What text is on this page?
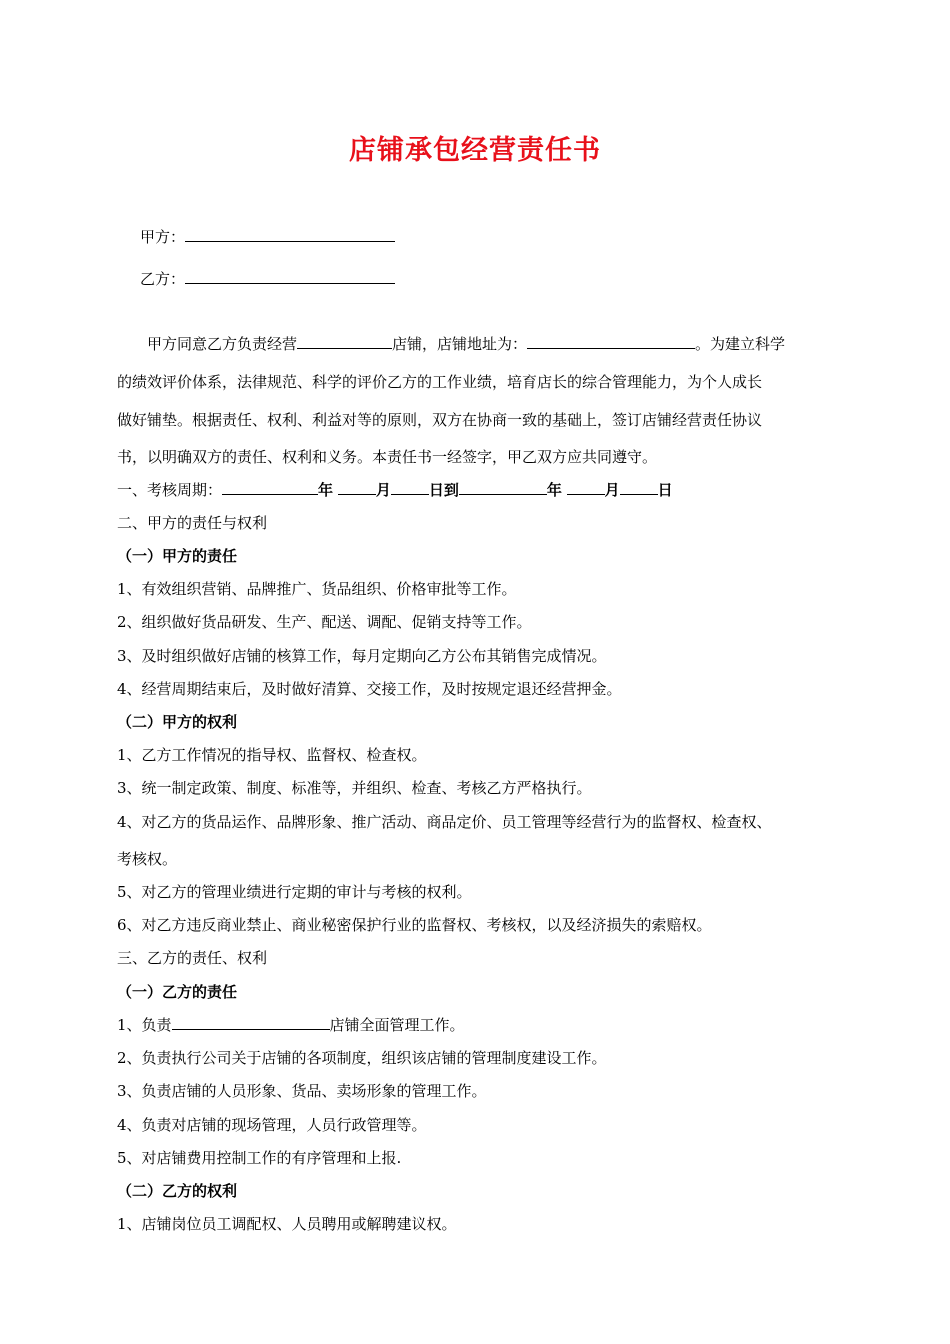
店铺承包经营责任书
甲方：
乙方：
甲方同意乙方负责经营	店铺，店铺地址为：	。为建立科学
的绩效评价体系，法律规范、科学的评价乙方的工作业绩，培育店长的综合管理能力，为个人成长
做好铺垫。根据责任、权利、利益对等的原则，双方在协商一致的基础上，签订店铺经营责任协议
书，以明确双方的责任、权利和义务。本责任书一经签字，甲乙双方应共同遵守。
一、考核周期：	年	月	日到	年	月	日
二、甲方的责任与权利
（一）甲方的责任
1、有效组织营销、品牌推广、货品组织、价格审批等工作。
2、组织做好货品研发、生产、配送、调配、促销支持等工作。
3、及时组织做好店铺的核算工作，每月定期向乙方公布其销售完成情况。
4、经营周期结束后，及时做好清算、交接工作，及时按规定退还经营押金。
（二）甲方的权利
1、乙方工作情况的指导权、监督权、检查权。
3、统一制定政策、制度、标准等，并组织、检查、考核乙方严格执行。
4、对乙方的货品运作、品牌形象、推广活动、商品定价、员工管理等经营行为的监督权、检查权、
考核权。
5、对乙方的管理业绩进行定期的审计与考核的权利。
6、对乙方违反商业禁止、商业秘密保护行业的监督权、考核权，以及经济损失的索赔权。
三、乙方的责任、权利
（一）乙方的责任
1、负责	店铺全面管理工作。
2、负责执行公司关于店铺的各项制度，组织该店铺的管理制度建设工作。
3、负责店铺的人员形象、货品、卖场形象的管理工作。
4、负责对店铺的现场管理，人员行政管理等。
5、对店铺费用控制工作的有序管理和上报.
（二）乙方的权利
1、店铺岗位员工调配权、人员聘用或解聘建议权。
